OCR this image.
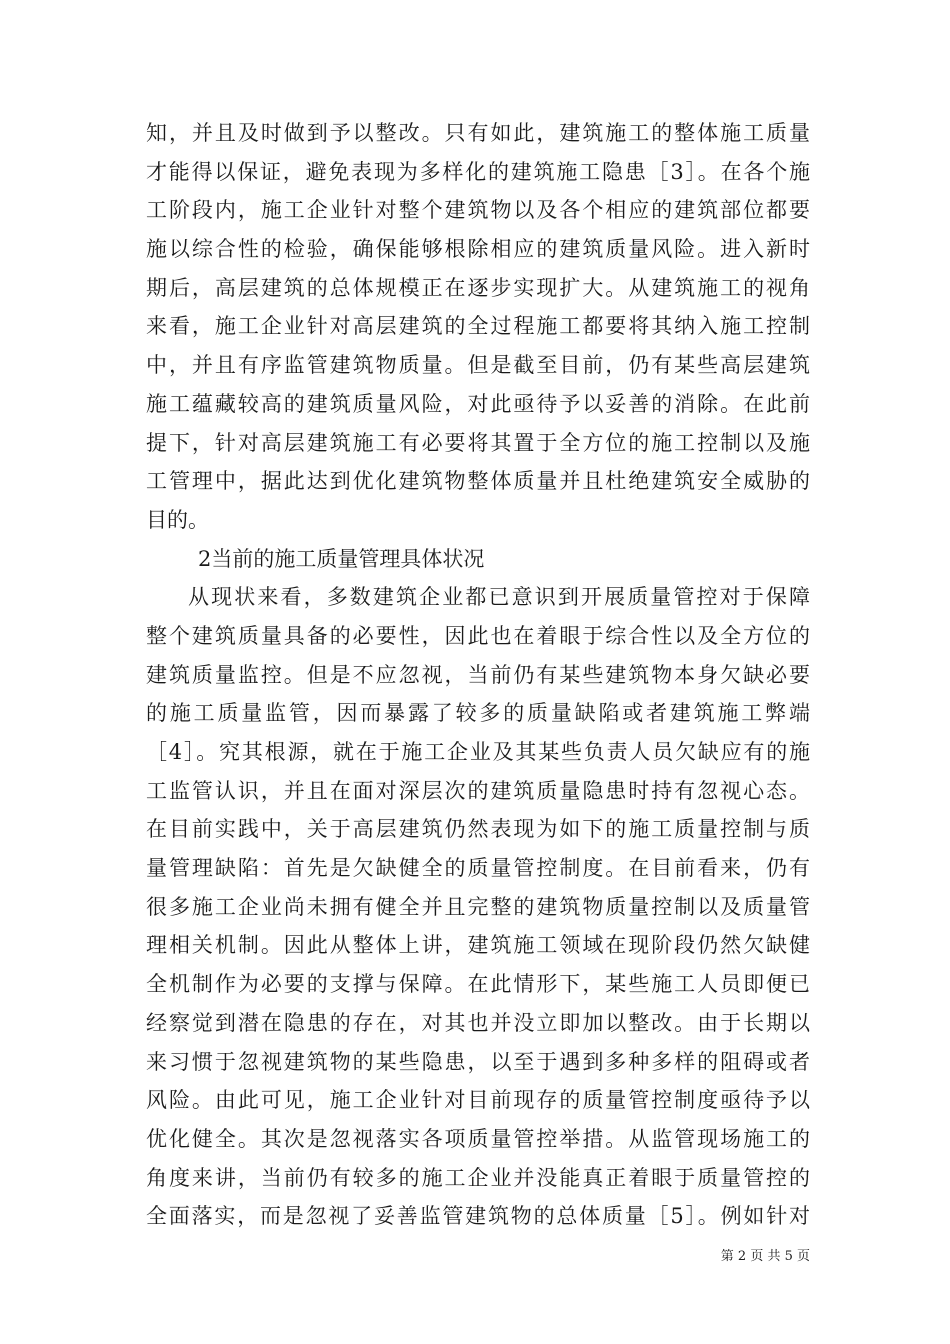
知，并且及时做到予以整改。只有如此，建筑施工的整体施工质量
才能得以保证，避免表现为多样化的建筑施工隐患［3］。在各个施
工阶段内，施工企业针对整个建筑物以及各个相应的建筑部位都要
施以综合性的检验，确保能够根除相应的建筑质量风险。进入新时
期后，高层建筑的总体规模正在逐步实现扩大。从建筑施工的视角
来看，施工企业针对高层建筑的全过程施工都要将其纳入施工控制
中，并且有序监管建筑物质量。但是截至目前，仍有某些高层建筑
施工蕴藏较高的建筑质量风险，对此亟待予以妥善的消除。在此前
提下，针对高层建筑施工有必要将其置于全方位的施工控制以及施
工管理中，据此达到优化建筑物整体质量并且杜绝建筑安全威胁的
目的。
2当前的施工质量管理具体状况
从现状来看，多数建筑企业都已意识到开展质量管控对于保障
整个建筑质量具备的必要性，因此也在着眼于综合性以及全方位的
建筑质量监控。但是不应忽视，当前仍有某些建筑物本身欠缺必要
的施工质量监管，因而暴露了较多的质量缺陷或者建筑施工弊端
［4］。究其根源，就在于施工企业及其某些负责人员欠缺应有的施
工监管认识，并且在面对深层次的建筑质量隐患时持有忽视心态。
在目前实践中，关于高层建筑仍然表现为如下的施工质量控制与质
量管理缺陷：首先是欠缺健全的质量管控制度。在目前看来，仍有
很多施工企业尚未拥有健全并且完整的建筑物质量控制以及质量管
理相关机制。因此从整体上讲，建筑施工领域在现阶段仍然欠缺健
全机制作为必要的支撑与保障。在此情形下，某些施工人员即便已
经察觉到潜在隐患的存在，对其也并没立即加以整改。由于长期以
来习惯于忽视建筑物的某些隐患，以至于遇到多种多样的阻碍或者
风险。由此可见，施工企业针对目前现存的质量管控制度亟待予以
优化健全。其次是忽视落实各项质量管控举措。从监管现场施工的
角度来讲，当前仍有较多的施工企业并没能真正着眼于质量管控的
全面落实，而是忽视了妥善监管建筑物的总体质量［5］。例如针对
第 2 页 共 5 页
